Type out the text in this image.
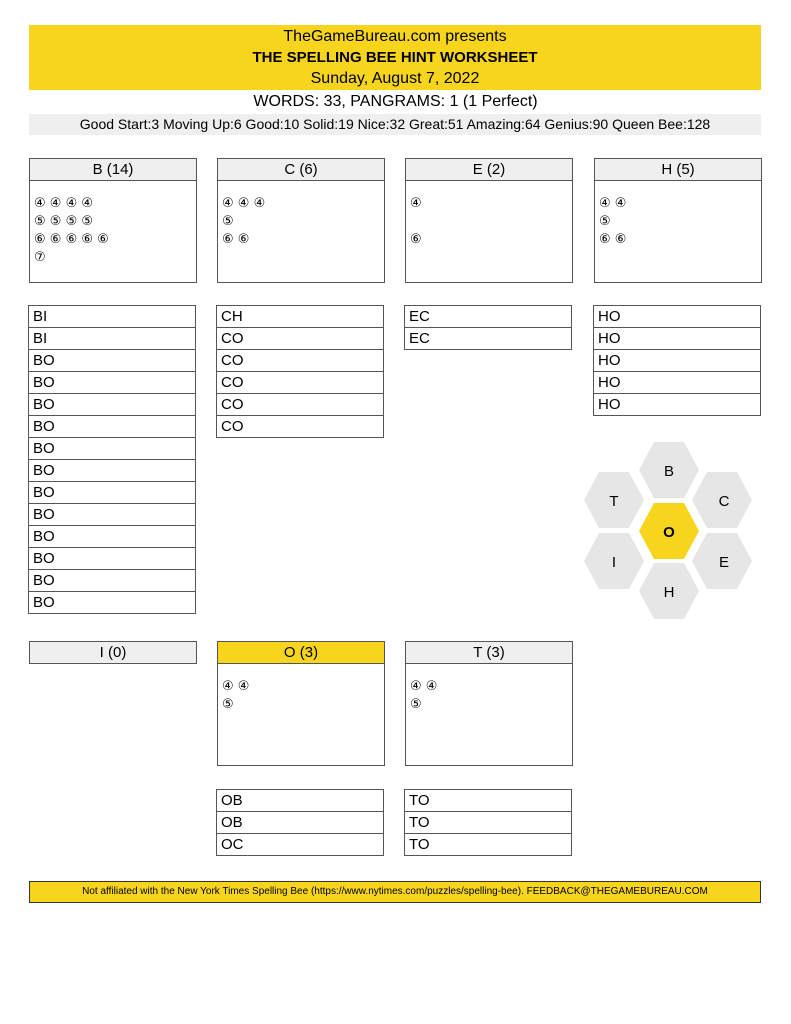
TheGameBureau.com presents
THE SPELLING BEE HINT WORKSHEET
Sunday, August 7, 2022
WORDS: 33, PANGRAMS: 1 (1 Perfect)
Good Start:3 Moving Up:6 Good:10 Solid:19 Nice:32 Great:51 Amazing:64 Genius:90 Queen Bee:128
B (14)
④ ④ ④ ④
⑤ ⑤ ⑤ ⑤
⑥ ⑥ ⑥ ⑥ ⑥
⑦
C (6)
④ ④ ④
⑤
⑥ ⑥
E (2)
④
⑥
H (5)
④ ④
⑤
⑥ ⑥
BI
BI
BO
BO
BO
BO
BO
BO
BO
BO
BO
BO
BO
BO
CH
CO
CO
CO
CO
CO
EC
EC
HO
HO
HO
HO
HO
B
C
E
H
I
T
O
I (0)	O (3)
④ ④
⑤
T (3)
④ ④
⑤
OB
OB
OC
TO
TO
TO
Not affiliated with the New York Times Spelling Bee (https://www.nytimes.com/puzzles/spelling-bee). FEEDBACK@THEGAMEBUREAU.COM
